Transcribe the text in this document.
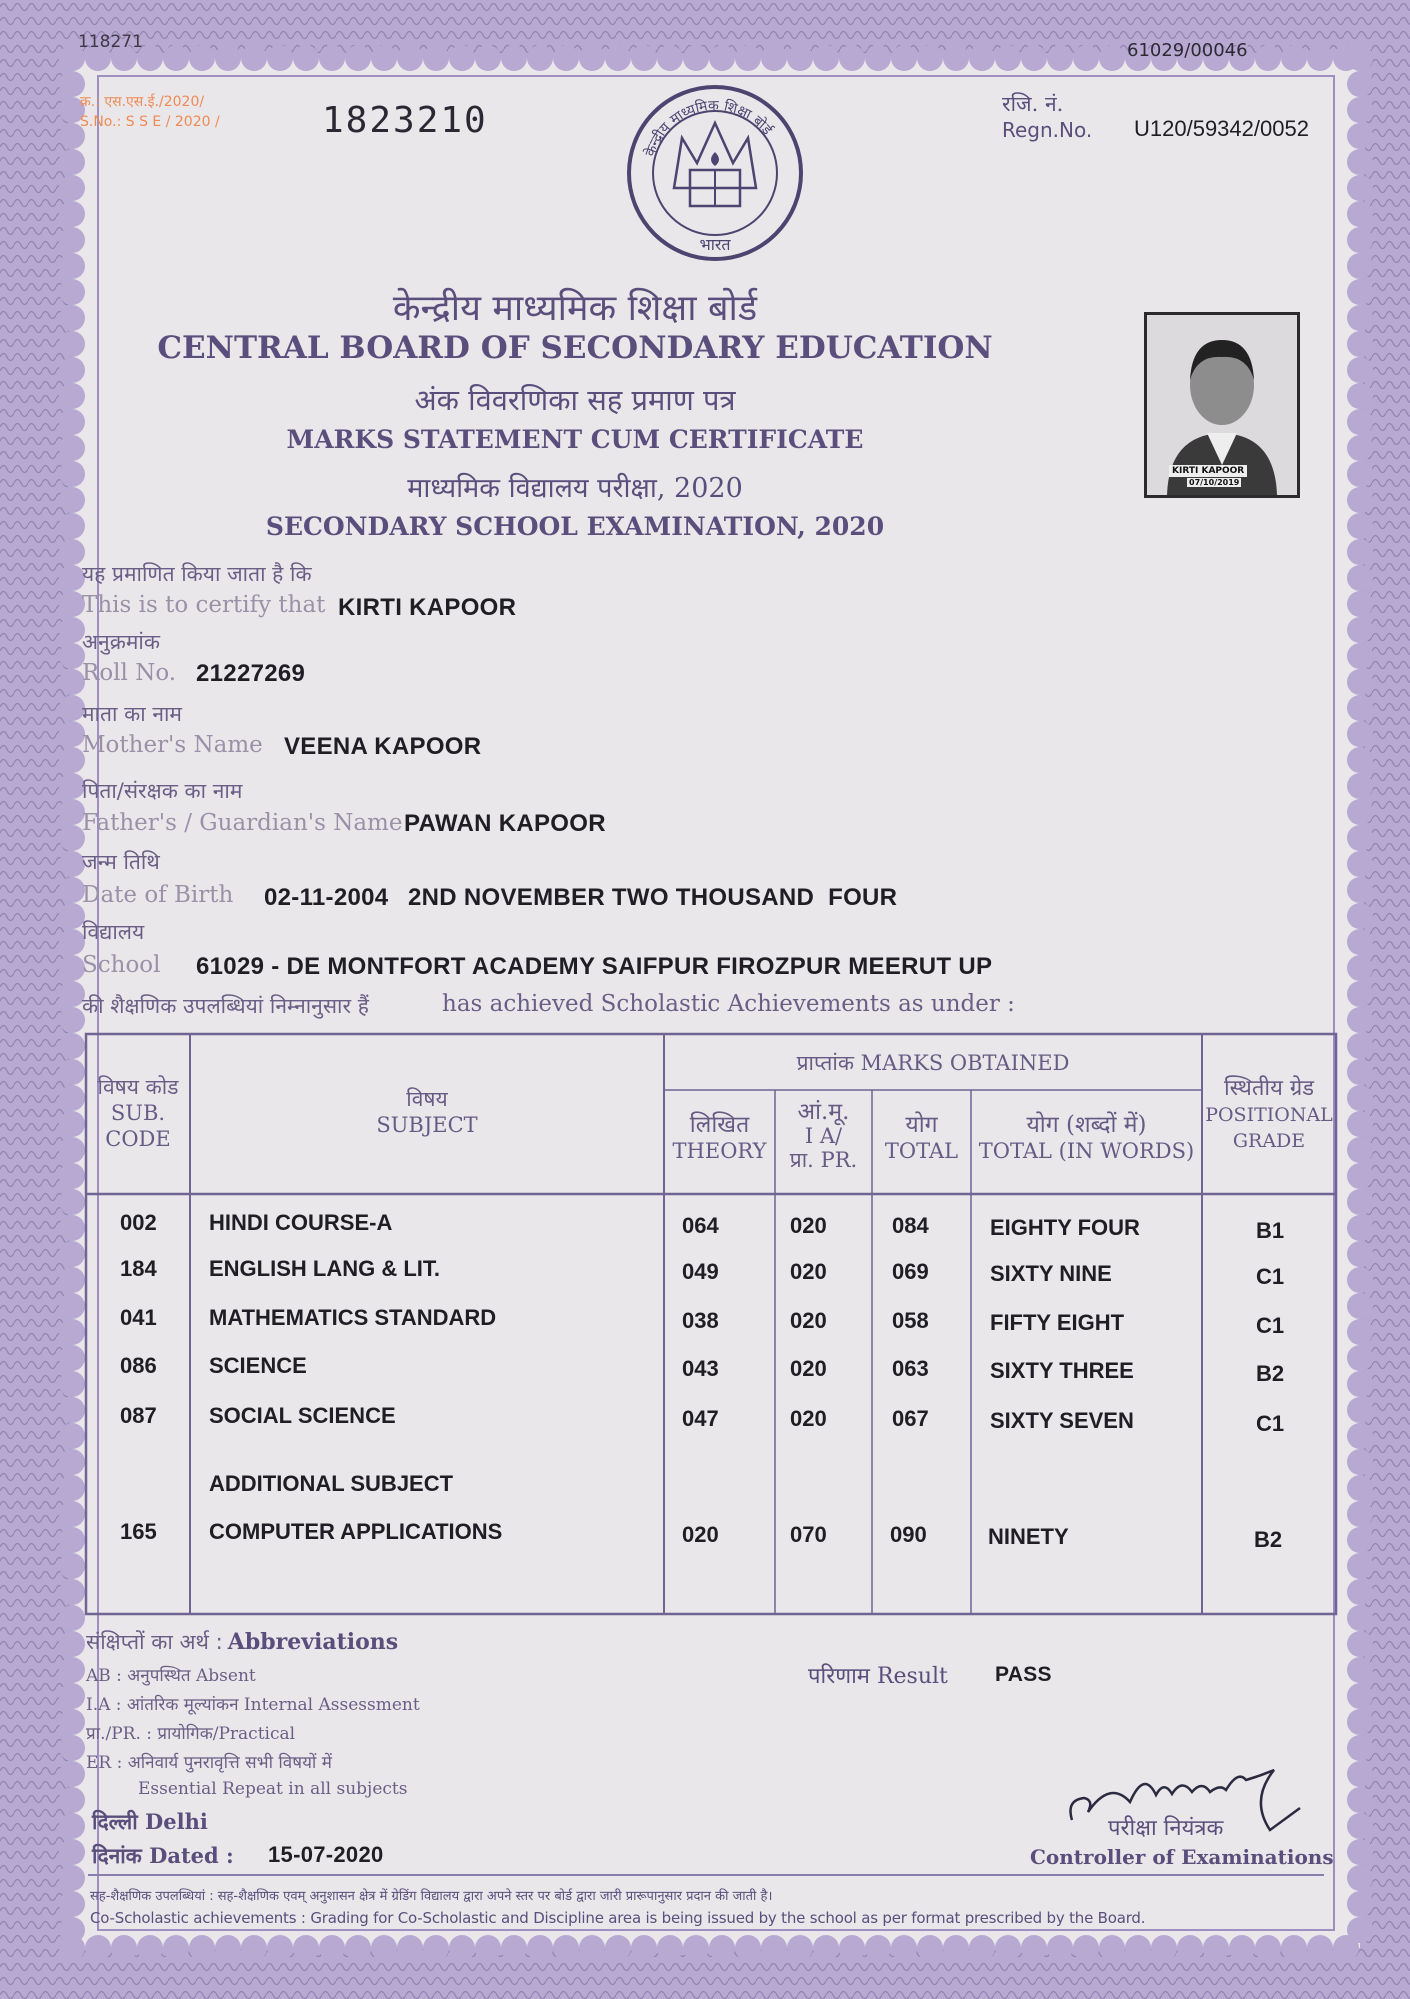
118271	61029/00046
क्र.: एस.एस.ई./2020/
S.No.: S S E / 2020 /	1823210	रजि. नं.
Regn.No. U120/59342/0052
भारत
केन्द्रीय माध्यमिक शिक्षा बोर्ड
केन्द्रीय माध्यमिक शिक्षा बोर्ड
CENTRAL BOARD OF SECONDARY EDUCATION
अंक विवरणिका सह प्रमाण पत्र
MARKS STATEMENT CUM CERTIFICATE
माध्यमिक विद्यालय परीक्षा, 2020
SECONDARY SCHOOL EXAMINATION, 2020
KIRTI KAPOOR
07/10/2019
यह प्रमाणित किया जाता है कि
This is to certify that KIRTI KAPOOR
अनुक्रमांक
Roll No. 21227269
माता का नाम
Mother's Name VEENA KAPOOR
पिता/संरक्षक का नाम
Father's / Guardian's Name PAWAN KAPOOR
जन्म तिथि
Date of Birth 02-11-2004 2ND NOVEMBER TWO THOUSAND  FOUR
विद्यालय
School 61029 - DE MONTFORT ACADEMY SAIFPUR FIROZPUR MEERUT UP
की शैक्षणिक उपलब्धियां निम्नानुसार हैं	has achieved Scholastic Achievements as under :
विषय कोड
SUB.
CODE
विषय
SUBJECT
प्राप्तांक MARKS OBTAINED
लिखित
THEORY
आं.मू.
I A/
प्रा. PR.
योग
TOTAL
योग (शब्दों में)
TOTAL (IN WORDS)
स्थितीय ग्रेड
POSITIONAL
GRADE
002 HINDI COURSE-A	064	020	084	EIGHTY FOUR	B1
184 ENGLISH LANG & LIT.	049	020	069	SIXTY NINE	C1
041 MATHEMATICS STANDARD	038	020	058	FIFTY EIGHT	C1
086 SCIENCE	043	020	063	SIXTY THREE	B2
087 SOCIAL SCIENCE	047	020	067	SIXTY SEVEN	C1
ADDITIONAL SUBJECT
165 COMPUTER APPLICATIONS	020	070	090	NINETY	B2
संक्षिप्तों का अर्थ : Abbreviations
AB : अनुपस्थित Absent
I.A : आंतरिक मूल्यांकन Internal Assessment
प्रा./PR. : प्रायोगिक/Practical
ER : अनिवार्य पुनरावृत्ति सभी विषयों में
Essential Repeat in all subjects
परिणाम Result PASS
दिल्ली Delhi
दिनांक Dated : 15-07-2020
परीक्षा नियंत्रक
Controller of Examinations
सह-शैक्षणिक उपलब्धियां : सह-शैक्षणिक एवम् अनुशासन क्षेत्र में ग्रेडिंग विद्यालय द्वारा अपने स्तर पर बोर्ड द्वारा जारी प्रारूपानुसार प्रदान की जाती है।
Co-Scholastic achievements : Grading for Co-Scholastic and Discipline area is being issued by the school as per format prescribed by the Board.
